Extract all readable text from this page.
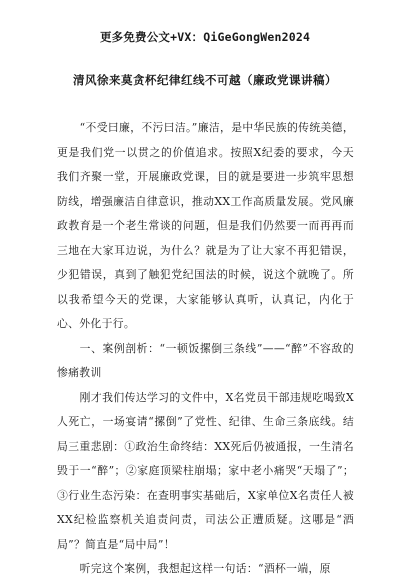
更多免费公文+VX：QiGeGongWen2024
清风徐来莫贪杯纪律红线不可越（廉政党课讲稿）

“不受曰廉，不污曰洁。”廉洁，是中华民族的传统美德，更是我们党一以贯之的价值追求。按照X纪委的要求，今天我们齐聚一堂，开展廉政党课，目的就是要进一步筑牢思想防线，增强廉洁自律意识，推动XX工作高质量发展。党风廉政教育是一个老生常谈的问题，但是我们仍然要一而再再而三地在大家耳边说，为什么？就是为了让大家不再犯错误，少犯错误，真到了触犯党纪国法的时候，说这个就晚了。所以我希望今天的党课，大家能够认真听，认真记，内化于心、外化于行。

一、案例剖析：“一顿饭摞倒三条线”——“醉”不容敌的惨痛教训

刚才我们传达学习的文件中，X名党员干部违规吃喝致X人死亡，一场宴请“摞倒”了党性、纪律、生命三条底线。结局三重悲剧：①政治生命终结：XX死后仍被通报，一生清名毁于一“醉”；②家庭顶梁柱崩塌；家中老小痛哭“天塌了”；③行业生态污染：在查明事实基础后，X家单位X名责任人被XX纪检监察机关追责问责，司法公正遭质疑。这哪是“酒局”？简直是“局中局”！

听完这个案例，我想起这样一句话：“酒杯一端，原
